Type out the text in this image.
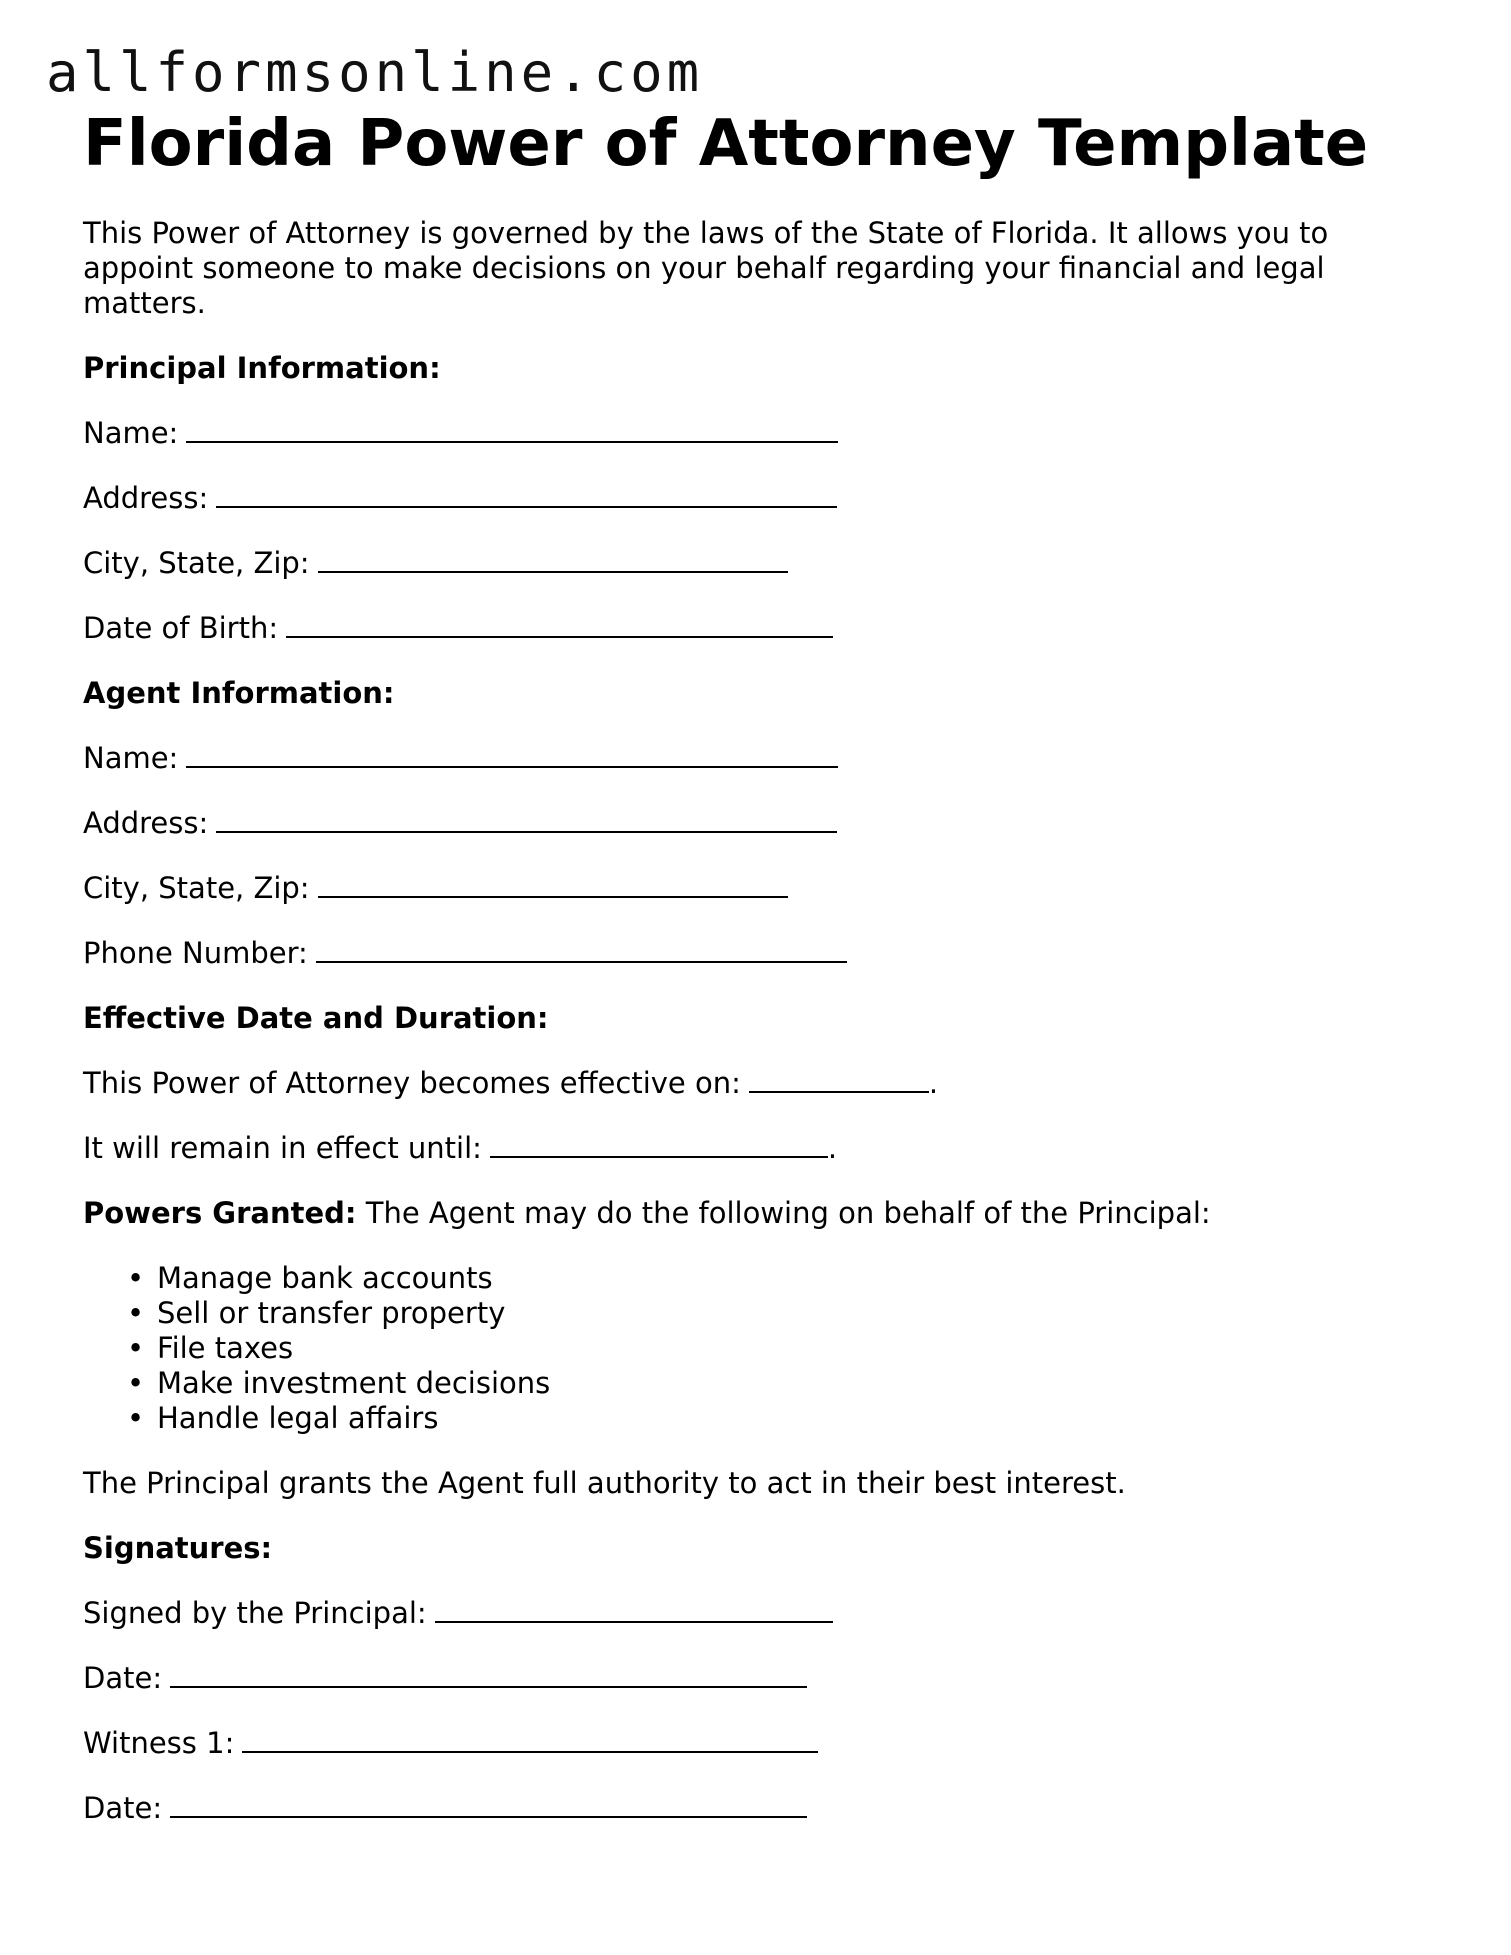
allformsonline.com
Florida Power of Attorney Template

This Power of Attorney is governed by the laws of the State of Florida. It allows you to appoint someone to make decisions on your behalf regarding your financial and legal matters.

Principal Information:

Name:

Address:

City, State, Zip:

Date of Birth:

Agent Information:

Name:

Address:

City, State, Zip:

Phone Number:

Effective Date and Duration:

This Power of Attorney becomes effective on:	.

It will remain in effect until:	.

Powers Granted: The Agent may do the following on behalf of the Principal:

• Manage bank accounts
• Sell or transfer property
• File taxes
• Make investment decisions
• Handle legal affairs

The Principal grants the Agent full authority to act in their best interest.

Signatures:

Signed by the Principal:

Date:

Witness 1:

Date:
